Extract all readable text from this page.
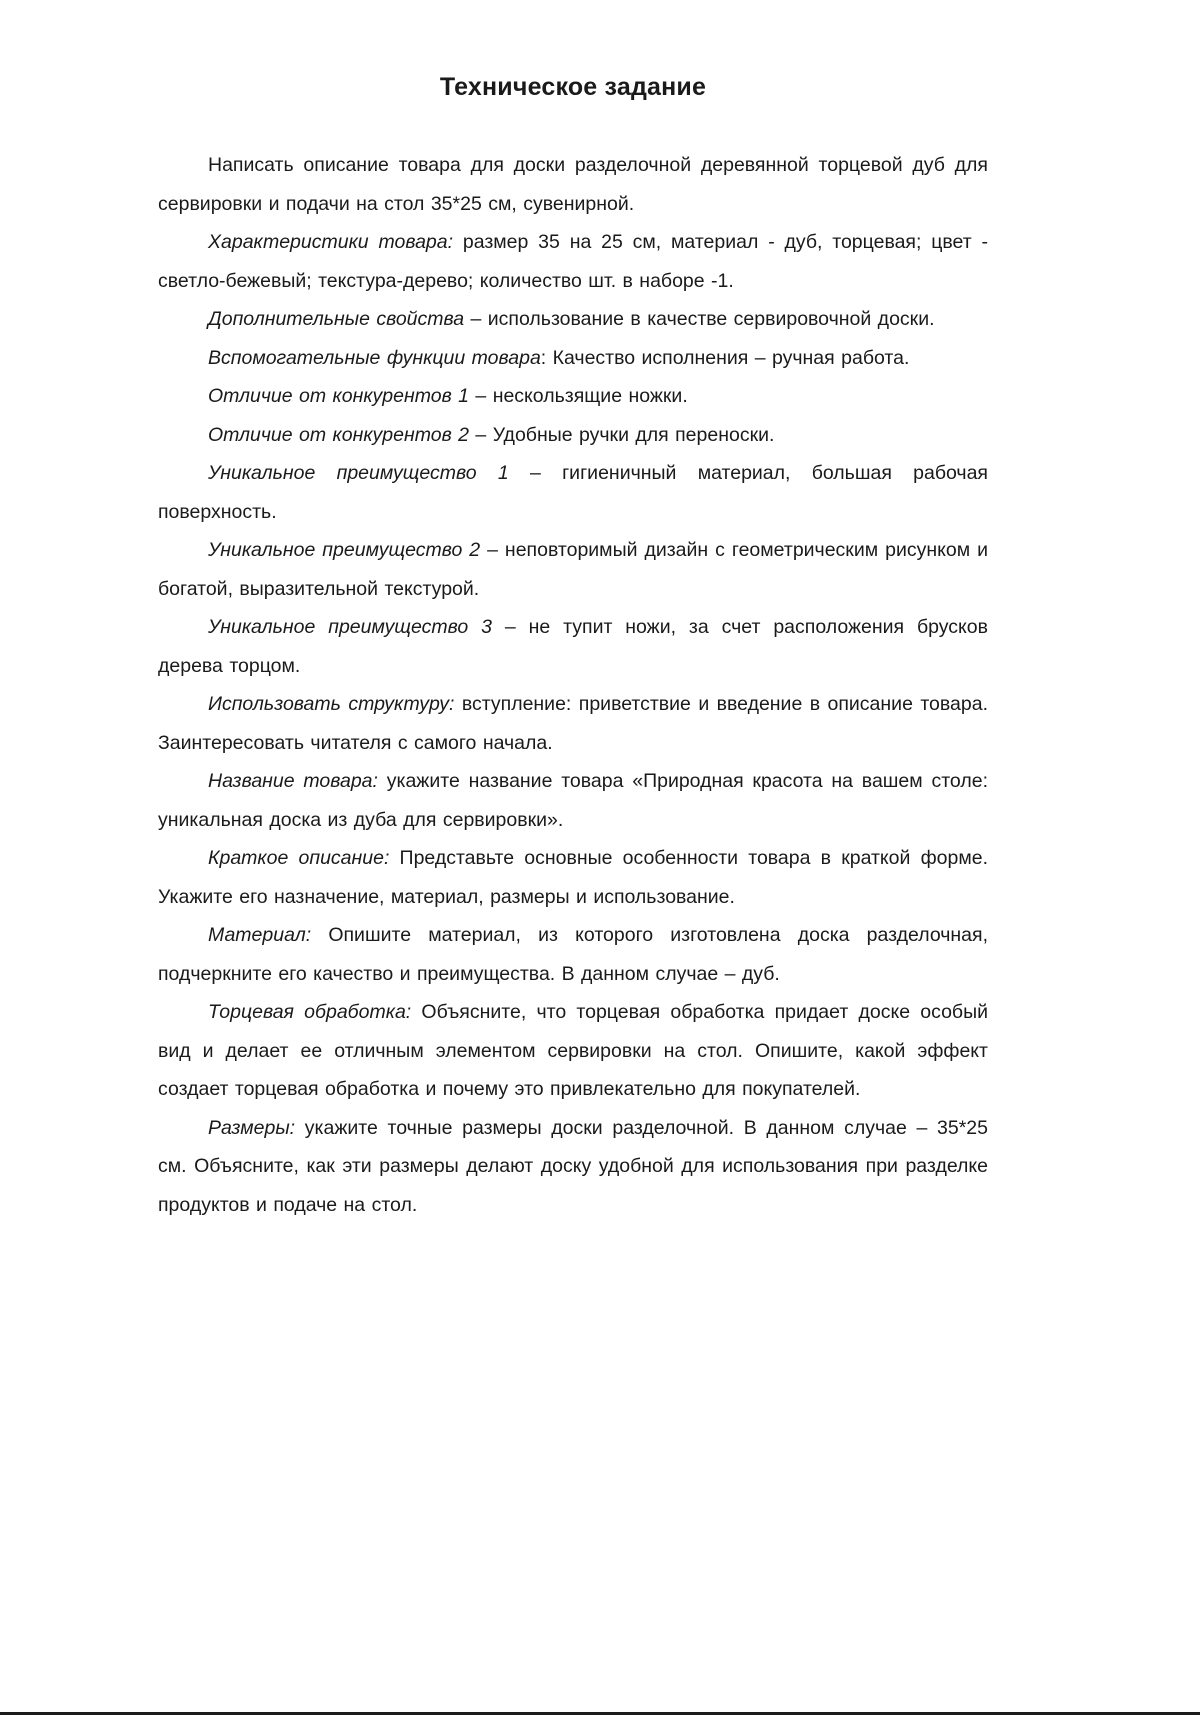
Техническое задание

Написать описание товара для доски разделочной деревянной торцевой дуб для сервировки и подачи на стол 35*25 см, сувенирной.

Характеристики товара: размер 35 на 25 см, материал - дуб, торцевая; цвет - светло-бежевый; текстура-дерево; количество шт. в наборе -1.

Дополнительные свойства – использование в качестве сервировочной доски.

Вспомогательные функции товара: Качество исполнения – ручная работа.

Отличие от конкурентов 1 – нескользящие ножки.

Отличие от конкурентов 2 – Удобные ручки для переноски.

Уникальное преимущество 1 – гигиеничный материал, большая рабочая поверхность.

Уникальное преимущество 2 – неповторимый дизайн с геометрическим рисунком и богатой, выразительной текстурой.

Уникальное преимущество 3 – не тупит ножи, за счет расположения брусков дерева торцом.

Использовать структуру: вступление: приветствие и введение в описание товара. Заинтересовать читателя с самого начала.

Название товара: укажите название товара «Природная красота на вашем столе: уникальная доска из дуба для сервировки».

Краткое описание: Представьте основные особенности товара в краткой форме. Укажите его назначение, материал, размеры и использование.

Материал: Опишите материал, из которого изготовлена доска разделочная, подчеркните его качество и преимущества. В данном случае – дуб.

Торцевая обработка: Объясните, что торцевая обработка придает доске особый вид и делает ее отличным элементом сервировки на стол. Опишите, какой эффект создает торцевая обработка и почему это привлекательно для покупателей.

Размеры: укажите точные размеры доски разделочной. В данном случае – 35*25 см. Объясните, как эти размеры делают доску удобной для использования при разделке продуктов и подаче на стол.
